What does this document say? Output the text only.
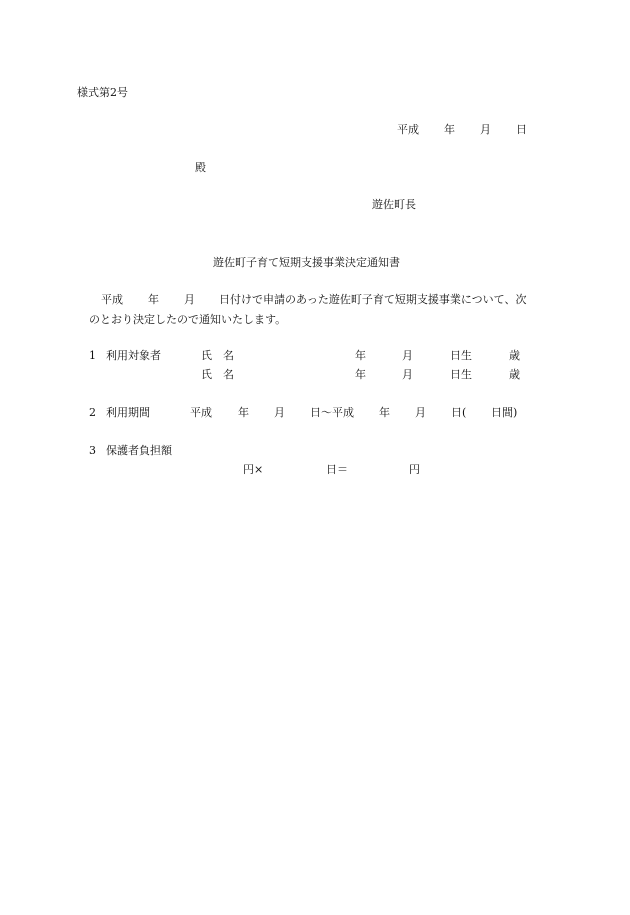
様式第2号
平成 年 月 日
殿
遊佐町長
遊佐町子育て短期支援事業決定通知書
平成 年 月 日付けで申請のあった遊佐町子育て短期支援事業について、次
のとおり決定したので通知いたします。
1 利用対象者	氏　名	年	月	日生	歳
氏　名	年	月	日生	歳
2 利用期間	平成 年 月 日～平成 年 月 日( 日間)
3 保護者負担額
円×	日＝	円
